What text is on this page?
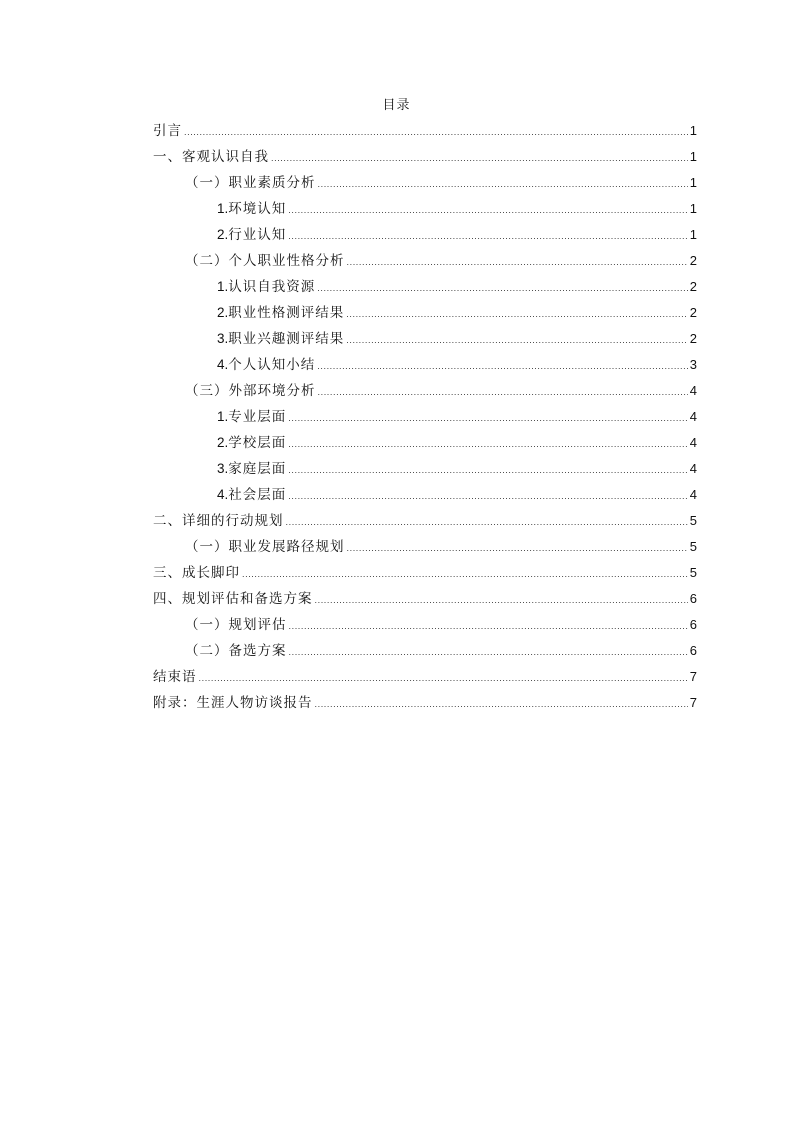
目录
引言 .....	1
一、客观认识自我 .....	1
（一）职业素质分析 .....	1
1.环境认知 .....	1
2.行业认知 .....	1
（二）个人职业性格分析 .....	2
1.认识自我资源 .....	2
2.职业性格测评结果 .....	2
3.职业兴趣测评结果 .....	2
4.个人认知小结 .....	3
（三）外部环境分析 .....	4
1.专业层面 .....	4
2.学校层面 .....	4
3.家庭层面 .....	4
4.社会层面 .....	4
二、详细的行动规划 .....	5
（一）职业发展路径规划 .....	5
三、成长脚印 .....	5
四、规划评估和备选方案 .....	6
（一）规划评估 .....	6
（二）备选方案 .....	6
结束语 .....	7
附录：生涯人物访谈报告 .....	7
